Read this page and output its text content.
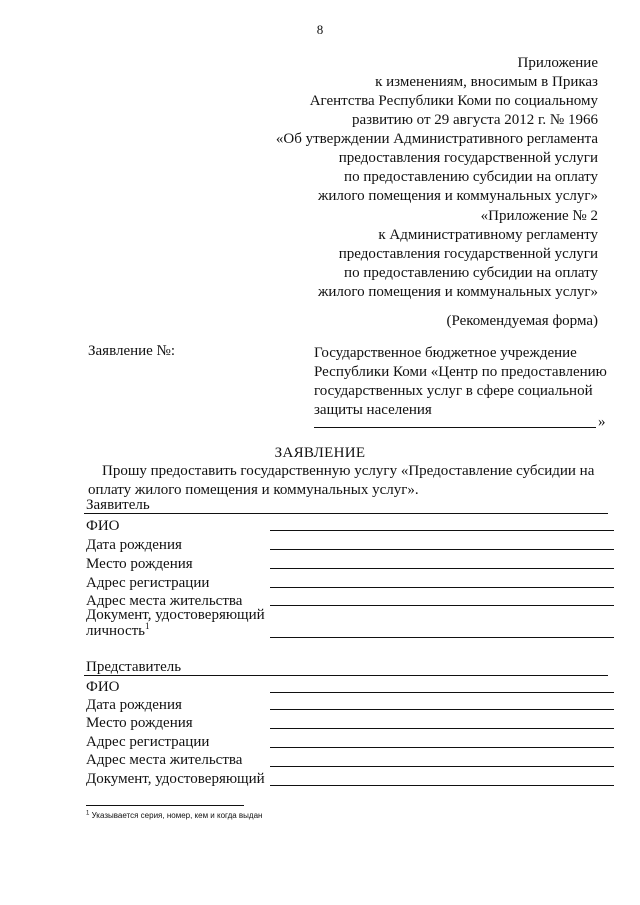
8
Приложение
к изменениям, вносимым в Приказ
Агентства Республики Коми по социальному
развитию от 29 августа 2012 г. № 1966
«Об утверждении Административного регламента
предоставления государственной услуги
по предоставлению субсидии на оплату
жилого помещения и коммунальных услуг»
«Приложение № 2
к Административному регламенту
предоставления государственной услуги
по предоставлению субсидии на оплату
жилого помещения и коммунальных услуг»
(Рекомендуемая форма)
Заявление №:	Государственное бюджетное учреждение
Республики Коми «Центр по предоставлению
государственных услуг в сфере социальной
защиты населения
»
ЗАЯВЛЕНИЕ
Прошу предоставить государственную услугу «Предоставление субсидии на
оплату жилого помещения и коммунальных услуг».
Заявитель
ФИО
Дата рождения
Место рождения
Адрес регистрации
Адрес места жительства
Документ, удостоверяющий
личность$^1$
Представитель
ФИО
Дата рождения
Место рождения
Адрес регистрации
Адрес места жительства
Документ, удостоверяющий
$^1$ Указывается серия, номер, кем и когда выдан
